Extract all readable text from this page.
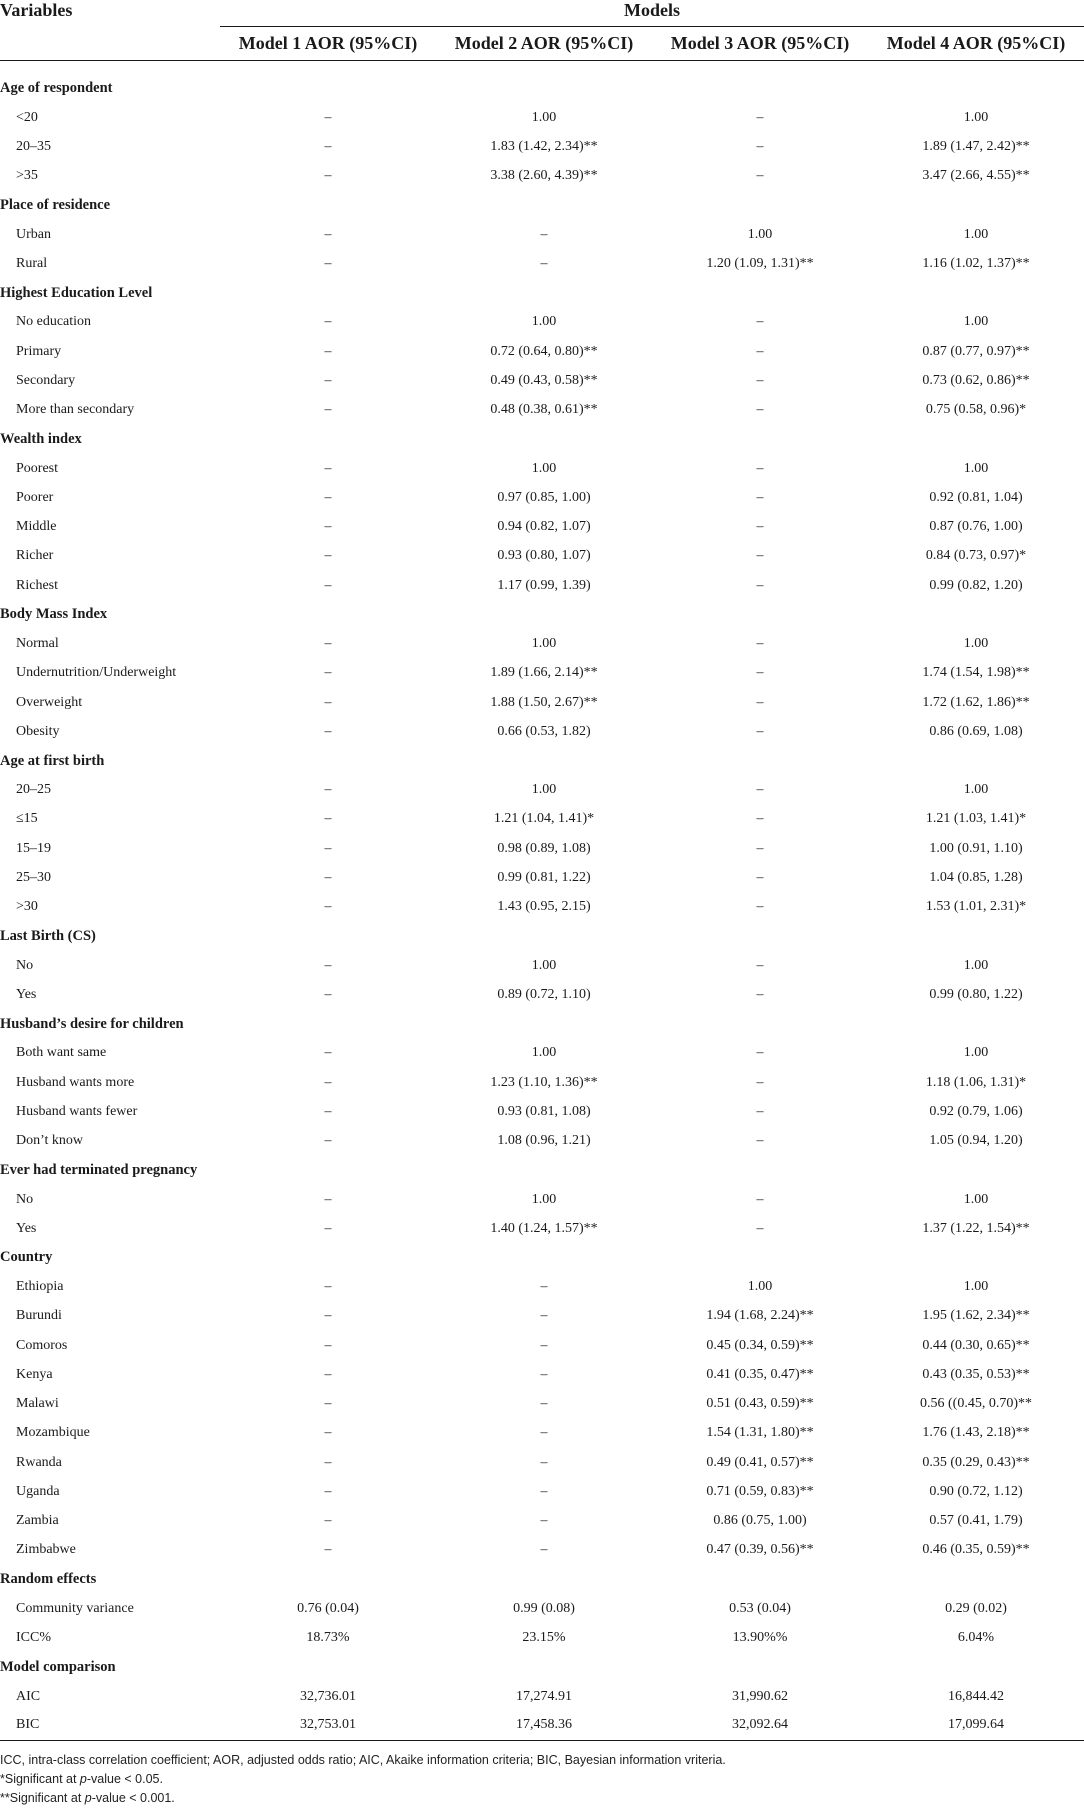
Variables	Models			
	Model 1 AOR (95%CI)	Model 2 AOR (95%CI)	Model 3 AOR (95%CI)	Model 4 AOR (95%CI)

Age of respondent				
<20	–	1.00	–	1.00
20–35	–	1.83 (1.42, 2.34)**	–	1.89 (1.47, 2.42)**
>35	–	3.38 (2.60, 4.39)**	–	3.47 (2.66, 4.55)**
Place of residence				
Urban	–	–	1.00	1.00
Rural	–	–	1.20 (1.09, 1.31)**	1.16 (1.02, 1.37)**
Highest Education Level				
No education	–	1.00	–	1.00
Primary	–	0.72 (0.64, 0.80)**	–	0.87 (0.77, 0.97)**
Secondary	–	0.49 (0.43, 0.58)**	–	0.73 (0.62, 0.86)**
More than secondary	–	0.48 (0.38, 0.61)**	–	0.75 (0.58, 0.96)*
Wealth index				
Poorest	–	1.00	–	1.00
Poorer	–	0.97 (0.85, 1.00)	–	0.92 (0.81, 1.04)
Middle	–	0.94 (0.82, 1.07)	–	0.87 (0.76, 1.00)
Richer	–	0.93 (0.80, 1.07)	–	0.84 (0.73, 0.97)*
Richest	–	1.17 (0.99, 1.39)	–	0.99 (0.82, 1.20)
Body Mass Index				
Normal	–	1.00	–	1.00
Undernutrition/Underweight	–	1.89 (1.66, 2.14)**	–	1.74 (1.54, 1.98)**
Overweight	–	1.88 (1.50, 2.67)**	–	1.72 (1.62, 1.86)**
Obesity	–	0.66 (0.53, 1.82)	–	0.86 (0.69, 1.08)
Age at first birth				
20–25	–	1.00	–	1.00
≤15	–	1.21 (1.04, 1.41)*	–	1.21 (1.03, 1.41)*
15–19	–	0.98 (0.89, 1.08)	–	1.00 (0.91, 1.10)
25–30	–	0.99 (0.81, 1.22)	–	1.04 (0.85, 1.28)
>30	–	1.43 (0.95, 2.15)	–	1.53 (1.01, 2.31)*
Last Birth (CS)				
No	–	1.00	–	1.00
Yes	–	0.89 (0.72, 1.10)	–	0.99 (0.80, 1.22)
Husband’s desire for children				
Both want same	–	1.00	–	1.00
Husband wants more	–	1.23 (1.10, 1.36)**	–	1.18 (1.06, 1.31)*
Husband wants fewer	–	0.93 (0.81, 1.08)	–	0.92 (0.79, 1.06)
Don’t know	–	1.08 (0.96, 1.21)	–	1.05 (0.94, 1.20)
Ever had terminated pregnancy				
No	–	1.00	–	1.00
Yes	–	1.40 (1.24, 1.57)**	–	1.37 (1.22, 1.54)**
Country				
Ethiopia	–	–	1.00	1.00
Burundi	–	–	1.94 (1.68, 2.24)**	1.95 (1.62, 2.34)**
Comoros	–	–	0.45 (0.34, 0.59)**	0.44 (0.30, 0.65)**
Kenya	–	–	0.41 (0.35, 0.47)**	0.43 (0.35, 0.53)**
Malawi	–	–	0.51 (0.43, 0.59)**	0.56 ((0.45, 0.70)**
Mozambique	–	–	1.54 (1.31, 1.80)**	1.76 (1.43, 2.18)**
Rwanda	–	–	0.49 (0.41, 0.57)**	0.35 (0.29, 0.43)**
Uganda	–	–	0.71 (0.59, 0.83)**	0.90 (0.72, 1.12)
Zambia	–	–	0.86 (0.75, 1.00)	0.57 (0.41, 1.79)
Zimbabwe	–	–	0.47 (0.39, 0.56)**	0.46 (0.35, 0.59)**
Random effects				
Community variance	0.76 (0.04)	0.99 (0.08)	0.53 (0.04)	0.29 (0.02)
ICC%	18.73%	23.15%	13.90%%	6.04%
Model comparison				
AIC	32,736.01	17,274.91	31,990.62	16,844.42
BIC	32,753.01	17,458.36	32,092.64	17,099.64
ICC, intra-class correlation coefficient; AOR, adjusted odds ratio; AIC, Akaike information criteria; BIC, Bayesian information vriteria.
*Significant at p-value < 0.05.
**Significant at p-value < 0.001.
